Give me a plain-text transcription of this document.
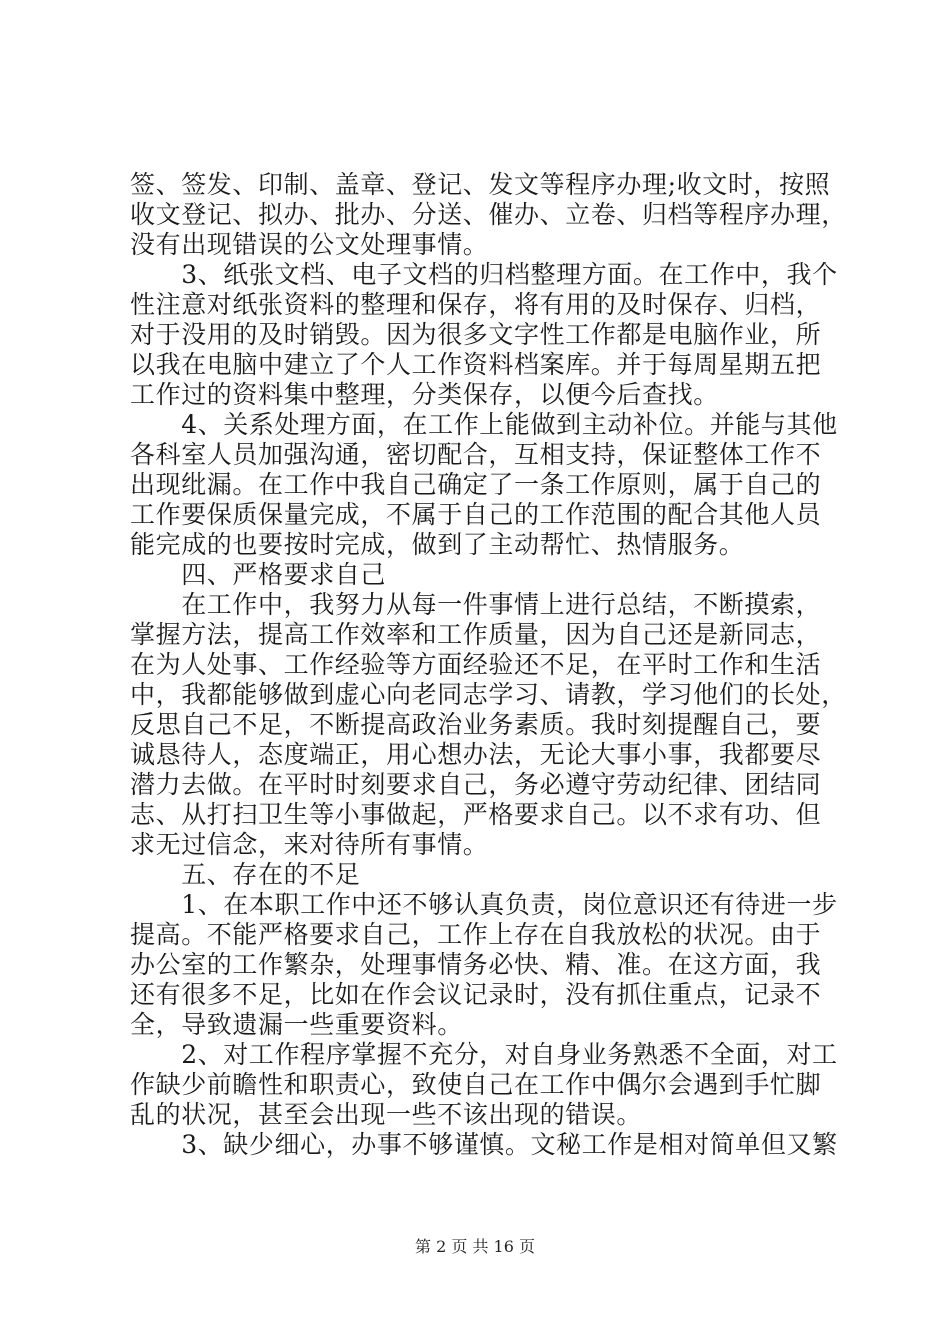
签、签发、印制、盖章、登记、发文等程序办理;收文时，按照
收文登记、拟办、批办、分送、催办、立卷、归档等程序办理，
没有出现错误的公文处理事情。
　　3、纸张文档、电子文档的归档整理方面。在工作中，我个
性注意对纸张资料的整理和保存，将有用的及时保存、归档，
对于没用的及时销毁。因为很多文字性工作都是电脑作业，所
以我在电脑中建立了个人工作资料档案库。并于每周星期五把
工作过的资料集中整理，分类保存，以便今后查找。
　　4、关系处理方面，在工作上能做到主动补位。并能与其他
各科室人员加强沟通，密切配合，互相支持，保证整体工作不
出现纰漏。在工作中我自己确定了一条工作原则，属于自己的
工作要保质保量完成，不属于自己的工作范围的配合其他人员
能完成的也要按时完成，做到了主动帮忙、热情服务。
　　四、严格要求自己
　　在工作中，我努力从每一件事情上进行总结，不断摸索，
掌握方法，提高工作效率和工作质量，因为自己还是新同志，
在为人处事、工作经验等方面经验还不足，在平时工作和生活
中，我都能够做到虚心向老同志学习、请教，学习他们的长处，
反思自己不足，不断提高政治业务素质。我时刻提醒自己，要
诚恳待人，态度端正，用心想办法，无论大事小事，我都要尽
潜力去做。在平时时刻要求自己，务必遵守劳动纪律、团结同
志、从打扫卫生等小事做起，严格要求自己。以不求有功、但
求无过信念，来对待所有事情。
　　五、存在的不足
　　1、在本职工作中还不够认真负责，岗位意识还有待进一步
提高。不能严格要求自己，工作上存在自我放松的状况。由于
办公室的工作繁杂，处理事情务必快、精、准。在这方面，我
还有很多不足，比如在作会议记录时，没有抓住重点，记录不
全，导致遗漏一些重要资料。
　　2、对工作程序掌握不充分，对自身业务熟悉不全面，对工
作缺少前瞻性和职责心，致使自己在工作中偶尔会遇到手忙脚
乱的状况，甚至会出现一些不该出现的错误。
　　3、缺少细心，办事不够谨慎。文秘工作是相对简单但又繁
第 2 页 共 16 页
